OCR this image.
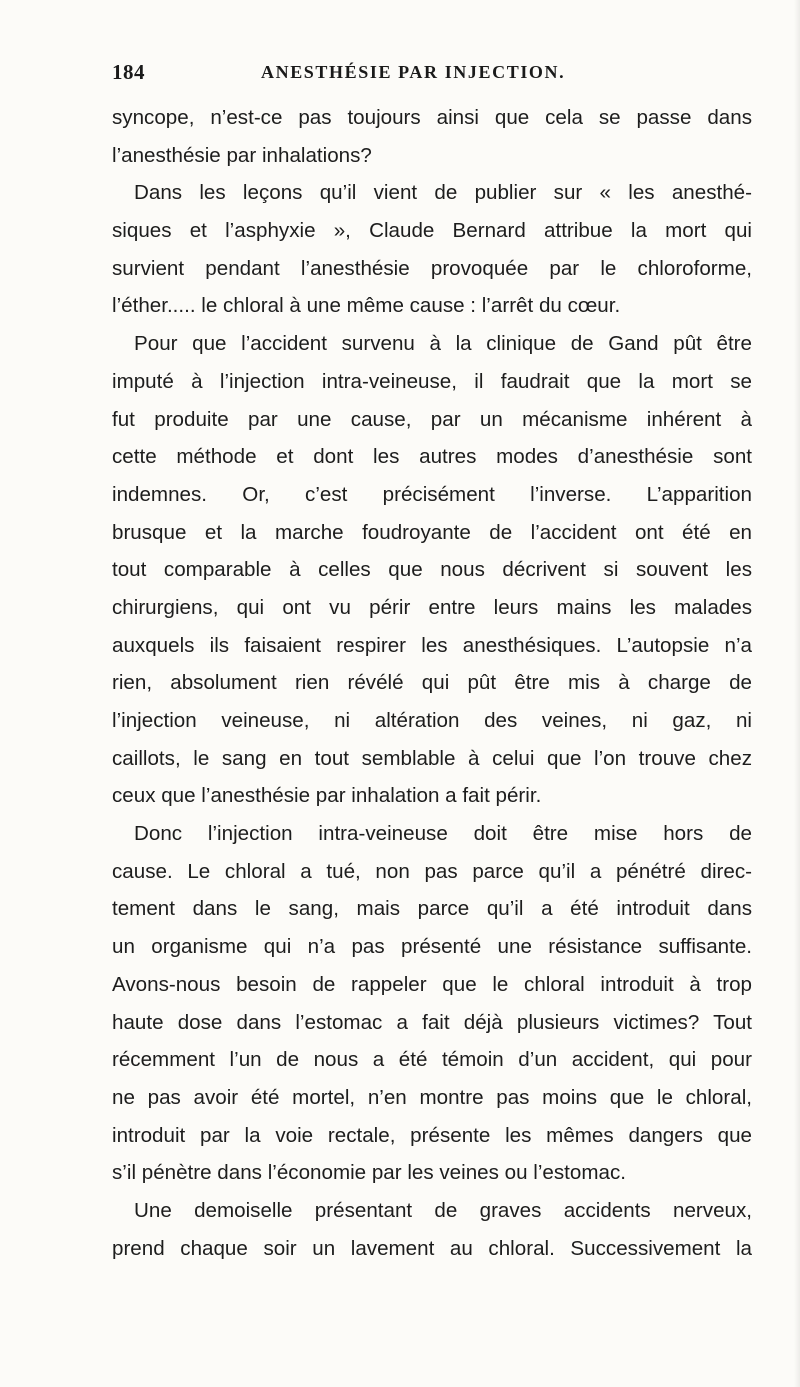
184	ANESTHÉSIE PAR INJECTION.
syncope, n’est-ce pas toujours ainsi que cela se passe dans
l’anesthésie par inhalations?
Dans les leçons qu’il vient de publier sur « les anesthé-
siques et l’asphyxie », Claude Bernard attribue la mort qui
survient pendant l’anesthésie provoquée par le chloroforme,
l’éther..... le chloral à une même cause : l’arrêt du cœur.
Pour que l’accident survenu à la clinique de Gand pût être
imputé à l’injection intra-veineuse, il faudrait que la mort se
fut produite par une cause, par un mécanisme inhérent à
cette méthode et dont les autres modes d’anesthésie sont
indemnes. Or, c’est précisément l’inverse. L’apparition
brusque et la marche foudroyante de l’accident ont été en
tout comparable à celles que nous décrivent si souvent les
chirurgiens, qui ont vu périr entre leurs mains les malades
auxquels ils faisaient respirer les anesthésiques. L’autopsie n’a
rien, absolument rien révélé qui pût être mis à charge de
l’injection veineuse, ni altération des veines, ni gaz, ni
caillots, le sang en tout semblable à celui que l’on trouve chez
ceux que l’anesthésie par inhalation a fait périr.
Donc l’injection intra-veineuse doit être mise hors de
cause. Le chloral a tué, non pas parce qu’il a pénétré direc-
tement dans le sang, mais parce qu’il a été introduit dans
un organisme qui n’a pas présenté une résistance suffisante.
Avons-nous besoin de rappeler que le chloral introduit à trop
haute dose dans l’estomac a fait déjà plusieurs victimes? Tout
récemment l’un de nous a été témoin d’un accident, qui pour
ne pas avoir été mortel, n’en montre pas moins que le chloral,
introduit par la voie rectale, présente les mêmes dangers que
s’il pénètre dans l’économie par les veines ou l’estomac.
Une demoiselle présentant de graves accidents nerveux,
prend chaque soir un lavement au chloral. Successivement la
